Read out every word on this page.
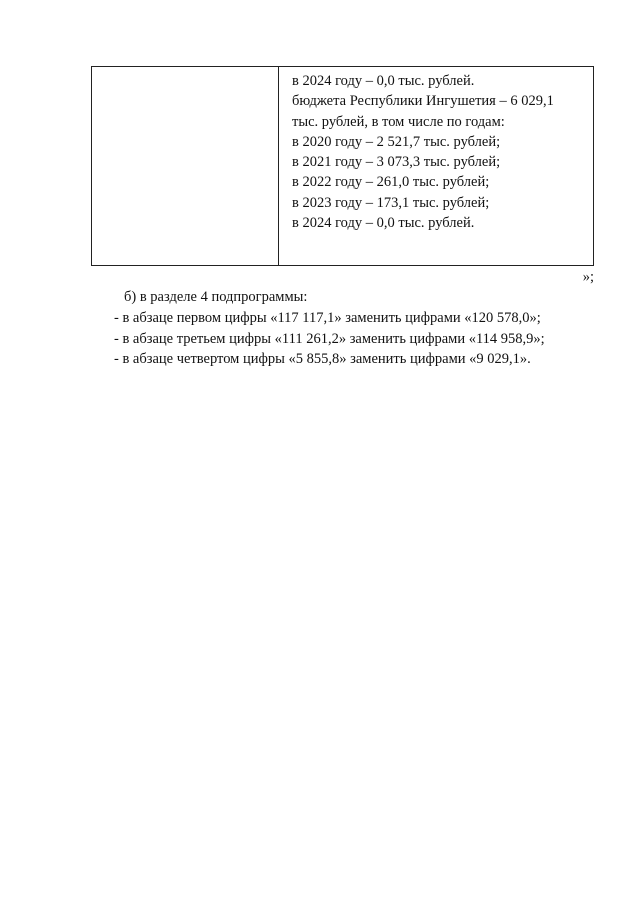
в 2024 году – 0,0 тыс. рублей.
бюджета Республики Ингушетия – 6 029,1
тыс. рублей, в том числе по годам:
в 2020 году – 2 521,7 тыс. рублей;
в 2021 году – 3 073,3 тыс. рублей;
в 2022 году – 261,0 тыс. рублей;
в 2023 году – 173,1 тыс. рублей;
в 2024 году – 0,0 тыс. рублей.
»;
б) в разделе 4 подпрограммы:
- в абзаце первом цифры «117 117,1» заменить цифрами «120 578,0»;
- в абзаце третьем цифры «111 261,2» заменить цифрами «114 958,9»;
- в абзаце четвертом цифры «5 855,8» заменить цифрами «9 029,1».
